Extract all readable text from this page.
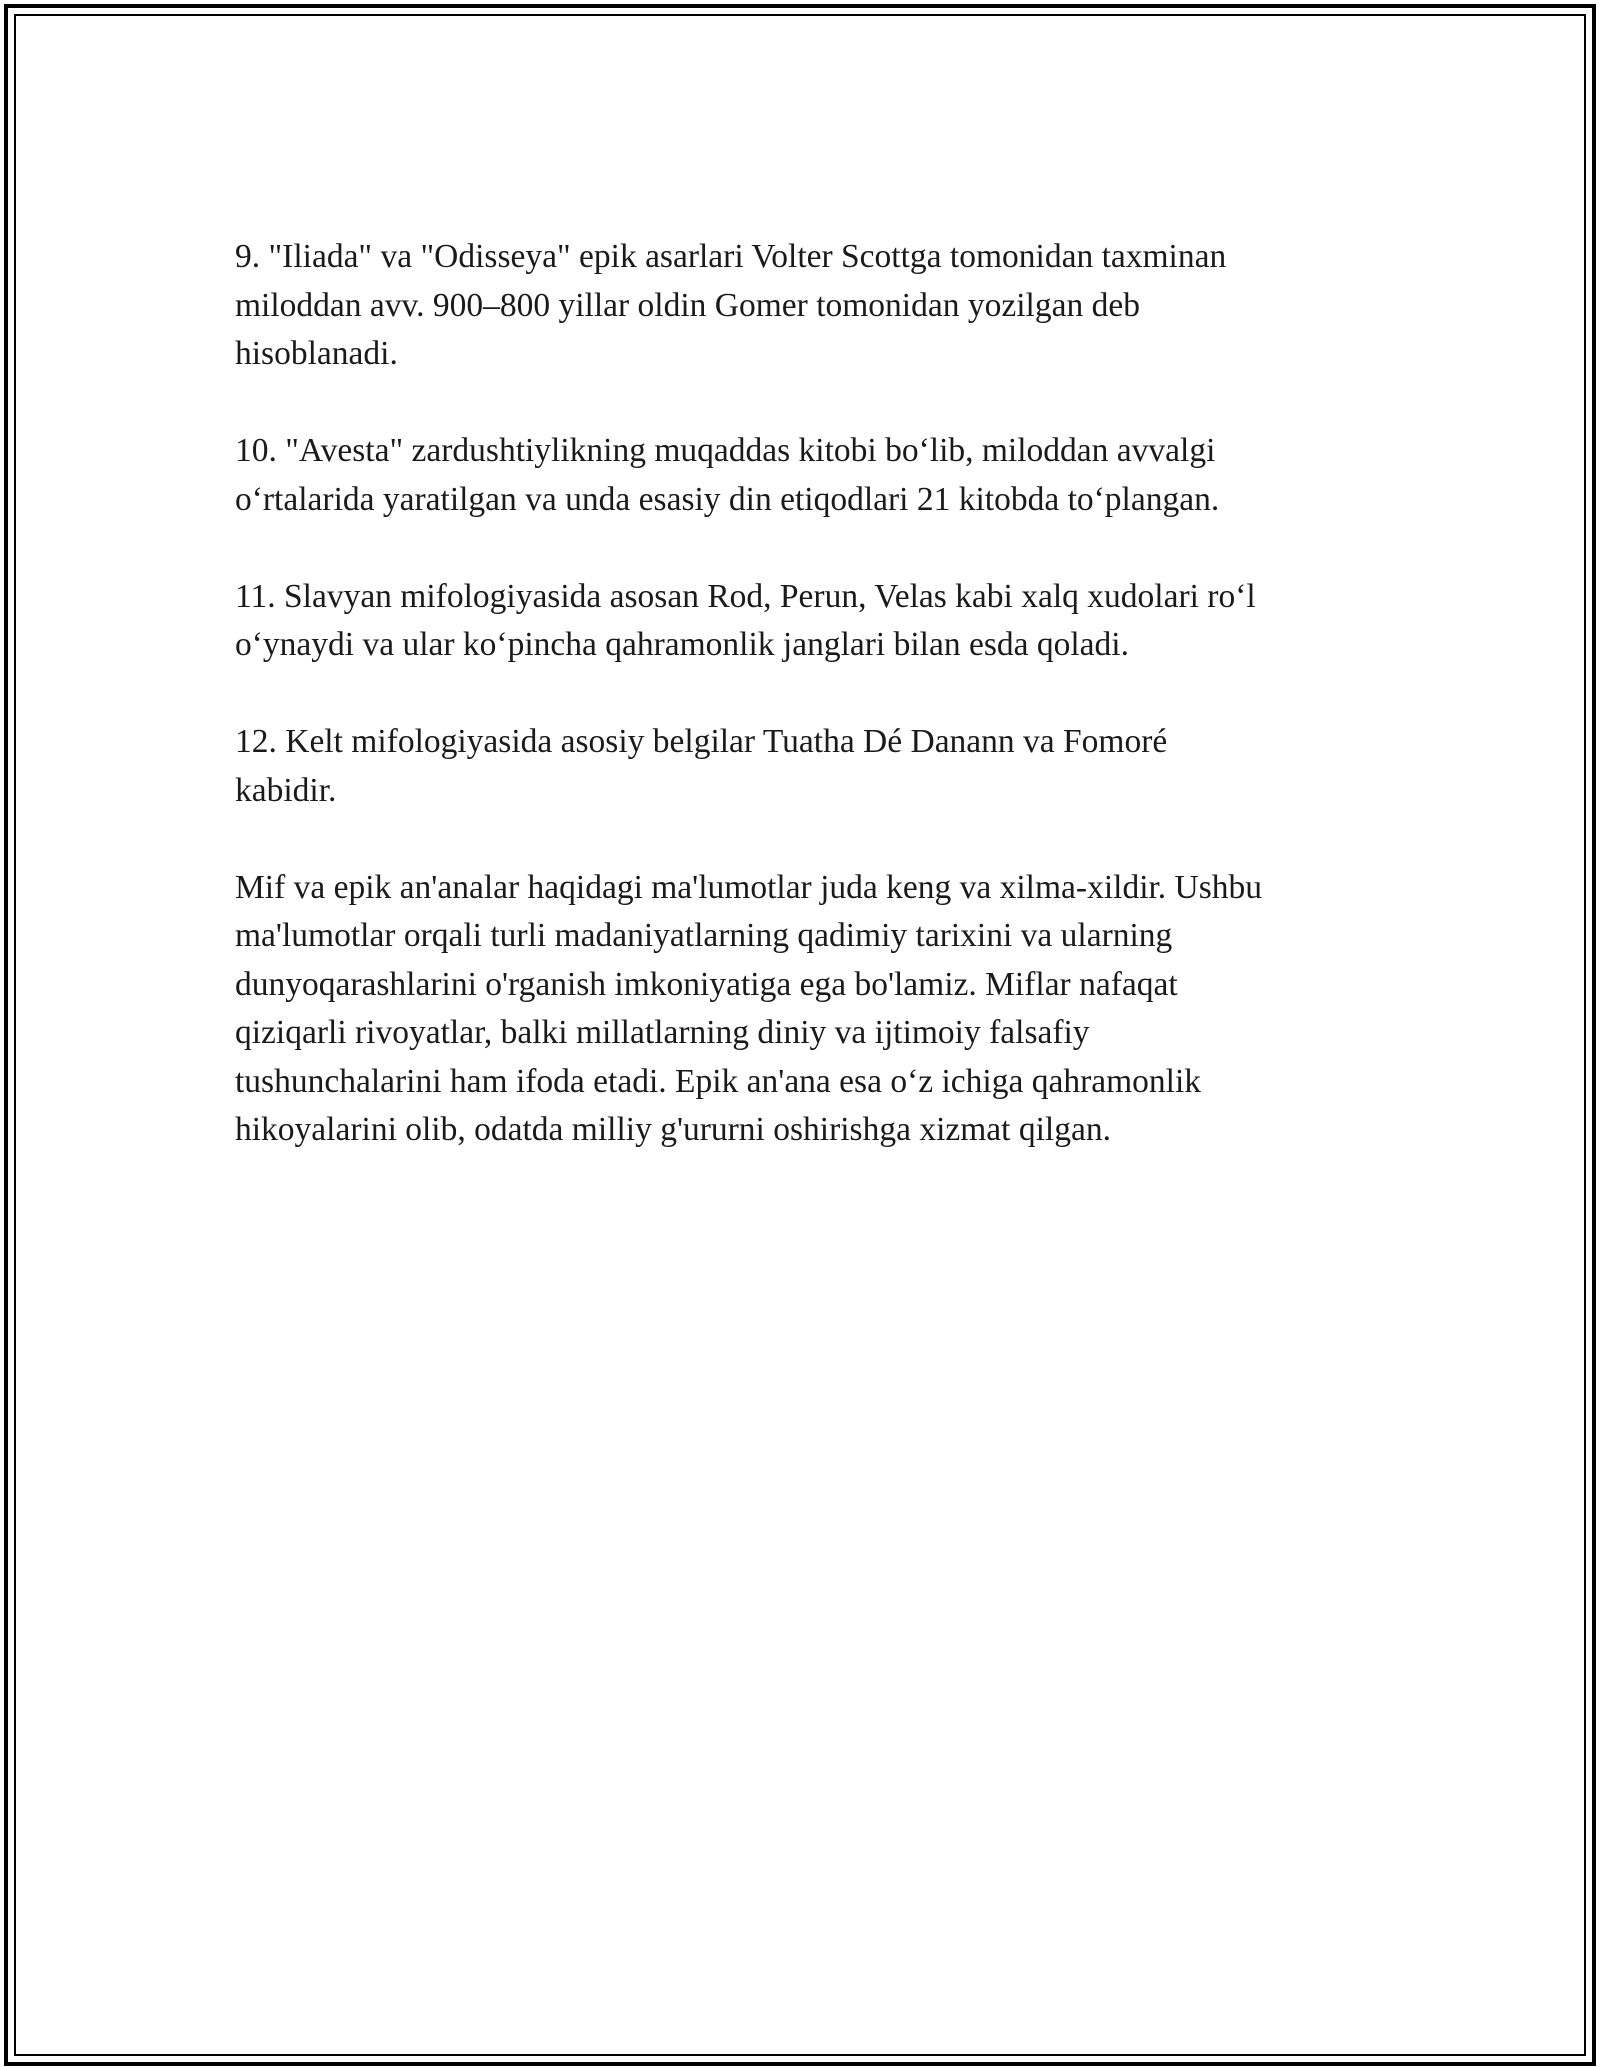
9. "Iliada" va "Odisseya" epik asarlari Volter Scottga tomonidan taxminan
miloddan avv. 900–800 yillar oldin Gomer tomonidan yozilgan deb
hisoblanadi.

10. "Avesta" zardushtiylikning muqaddas kitobi boʻlib, miloddan avvalgi
oʻrtalarida yaratilgan va unda esasiy din etiqodlari 21 kitobda toʻplangan.

11. Slavyan mifologiyasida asosan Rod, Perun, Velas kabi xalq xudolari roʻl
oʻynaydi va ular koʻpincha qahramonlik janglari bilan esda qoladi.

12. Kelt mifologiyasida asosiy belgilar Tuatha Dé Danann va Fomoré
kabidir.

Mif va epik an'analar haqidagi ma'lumotlar juda keng va xilma-xildir. Ushbu
ma'lumotlar orqali turli madaniyatlarning qadimiy tarixini va ularning
dunyoqarashlarini o'rganish imkoniyatiga ega bo'lamiz. Miflar nafaqat
qiziqarli rivoyatlar, balki millatlarning diniy va ijtimoiy falsafiy
tushunchalarini ham ifoda etadi. Epik an'ana esa oʻz ichiga qahramonlik
hikoyalarini olib, odatda milliy g'ururni oshirishga xizmat qilgan.
